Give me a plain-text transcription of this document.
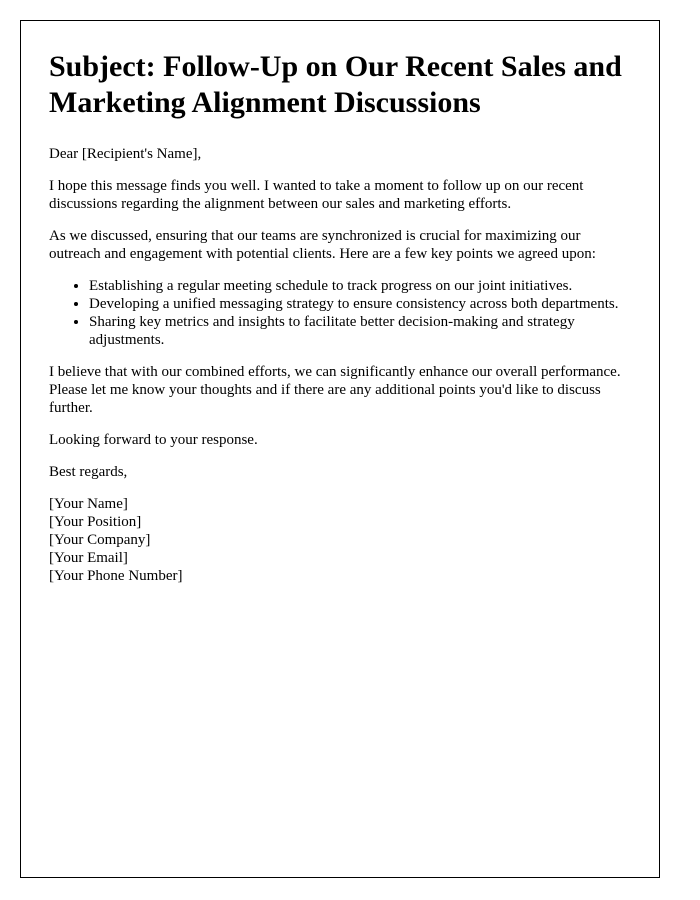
Subject: Follow-Up on Our Recent Sales and Marketing Alignment Discussions

Dear [Recipient's Name],

I hope this message finds you well. I wanted to take a moment to follow up on our recent discussions regarding the alignment between our sales and marketing efforts.

As we discussed, ensuring that our teams are synchronized is crucial for maximizing our outreach and engagement with potential clients. Here are a few key points we agreed upon:

• Establishing a regular meeting schedule to track progress on our joint initiatives.
• Developing a unified messaging strategy to ensure consistency across both departments.
• Sharing key metrics and insights to facilitate better decision-making and strategy adjustments.

I believe that with our combined efforts, we can significantly enhance our overall performance. Please let me know your thoughts and if there are any additional points you'd like to discuss further.

Looking forward to your response.

Best regards,

[Your Name]
[Your Position]
[Your Company]
[Your Email]
[Your Phone Number]
